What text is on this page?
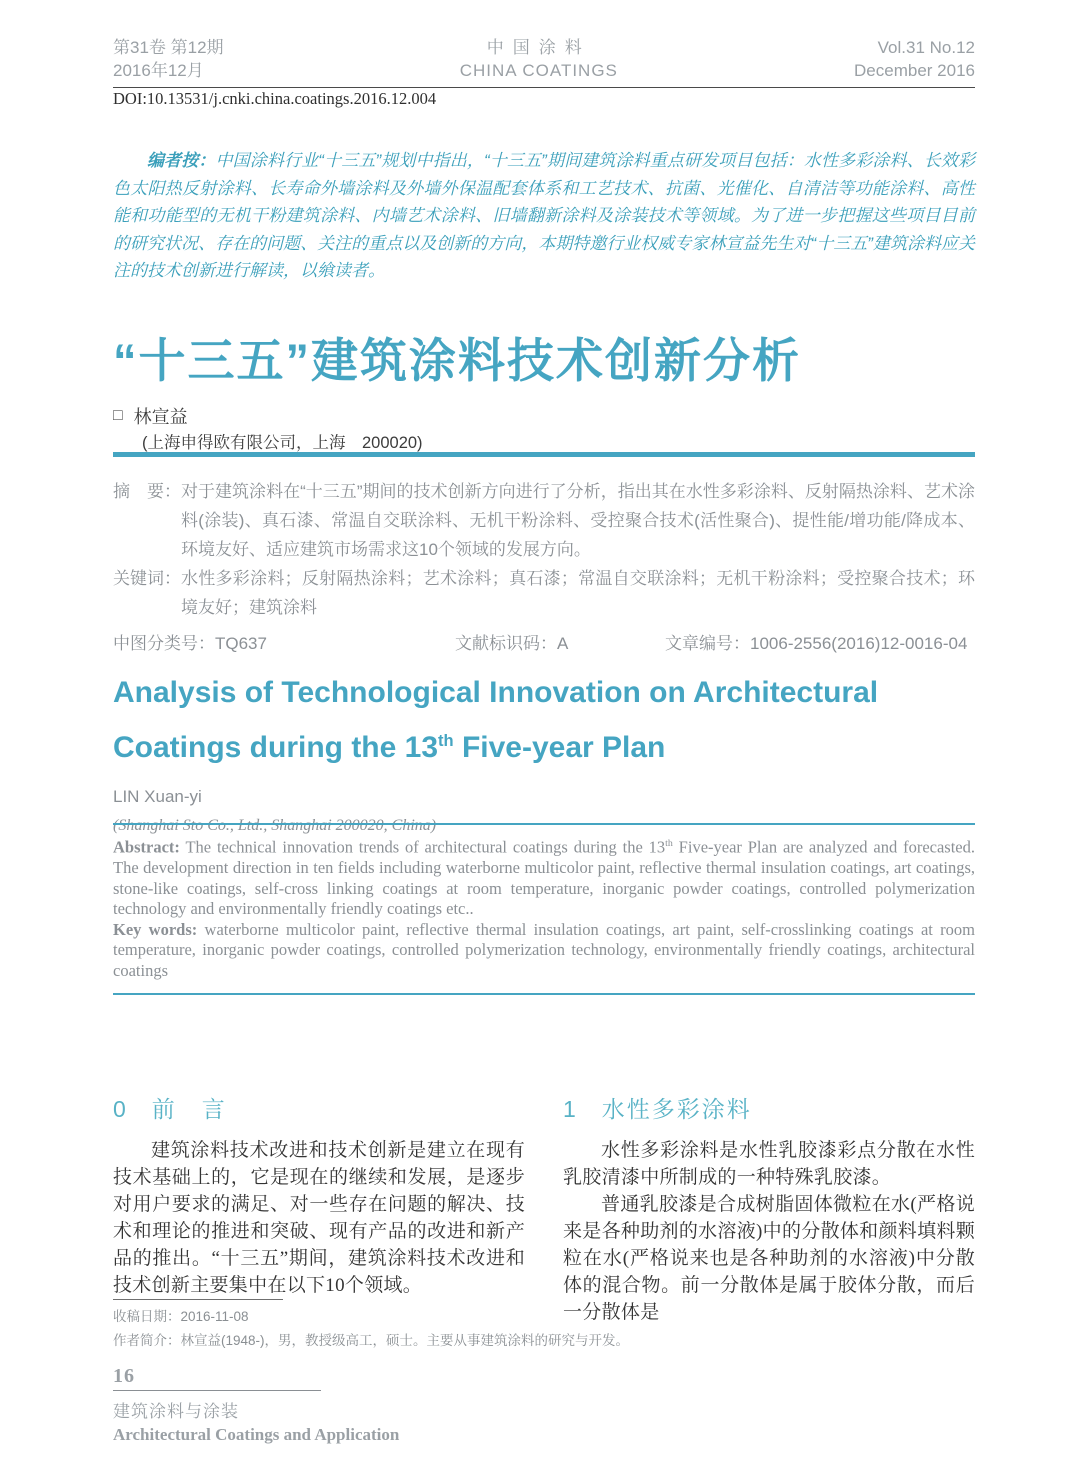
第31卷 第12期
2016年12月
中国涂料
CHINA COATINGS
Vol.31 No.12
December 2016
DOI:10.13531/j.cnki.china.coatings.2016.12.004

编者按：中国涂料行业“十三五”规划中指出，“十三五”期间建筑涂料重点研发项目包括：水性多彩涂料、长效彩色太阳热反射涂料、长寿命外墙涂料及外墙外保温配套体系和工艺技术、抗菌、光催化、自清洁等功能涂料、高性能和功能型的无机干粉建筑涂料、内墙艺术涂料、旧墙翻新涂料及涂装技术等领域。为了进一步把握这些项目目前的研究状况、存在的问题、关注的重点以及创新的方向，本期特邀行业权威专家林宣益先生对“十三五”建筑涂料应关注的技术创新进行解读，以飨读者。

“十三五”建筑涂料技术创新分析
□ 林宣益
(上海申得欧有限公司，上海　200020)
摘　要： 对于建筑涂料在“十三五”期间的技术创新方向进行了分析，指出其在水性多彩涂料、反射隔热涂料、艺术涂料(涂装)、真石漆、常温自交联涂料、无机干粉涂料、受控聚合技术(活性聚合)、提性能/增功能/降成本、环境友好、适应建筑市场需求这10个领域的发展方向。
关键词： 水性多彩涂料；反射隔热涂料；艺术涂料；真石漆；常温自交联涂料；无机干粉涂料；受控聚合技术；环境友好；建筑涂料
中图分类号：TQ637	文献标识码：A	文章编号：1006-2556(2016)12-0016-04
Analysis of Technological Innovation on Architectural Coatings during the 13th Five-year Plan
LIN Xuan-yi
(Shanghai Sto Co., Ltd., Shanghai 200020, China)

Abstract: The technical innovation trends of architectural coatings during the 13th Five-year Plan are analyzed and forecasted. The development direction in ten fields including waterborne multicolor paint, reflective thermal insulation coatings, art coatings, stone-like coatings, self-cross linking coatings at room temperature, inorganic powder coatings, controlled polymerization technology and environmentally friendly coatings etc..

Key words: waterborne multicolor paint, reflective thermal insulation coatings, art paint, self-crosslinking coatings at room temperature, inorganic powder coatings, controlled polymerization technology, environmentally friendly coatings, architectural coatings

0 前　言

建筑涂料技术改进和技术创新是建立在现有技术基础上的，它是现在的继续和发展，是逐步对用户要求的满足、对一些存在问题的解决、技术和理论的推进和突破、现有产品的改进和新产品的推出。“十三五”期间，建筑涂料技术改进和技术创新主要集中在以下10个领域。

1 水性多彩涂料

水性多彩涂料是水性乳胶漆彩点分散在水性乳胶清漆中所制成的一种特殊乳胶漆。

普通乳胶漆是合成树脂固体微粒在水(严格说来是各种助剂的水溶液)中的分散体和颜料填料颗粒在水(严格说来也是各种助剂的水溶液)中分散体的混合物。前一分散体是属于胶体分散，而后一分散体是

收稿日期：2016-11-08
作者简介：林宣益(1948-)，男，教授级高工，硕士。主要从事建筑涂料的研究与开发。
16
建筑涂料与涂装
Architectural Coatings and Application
